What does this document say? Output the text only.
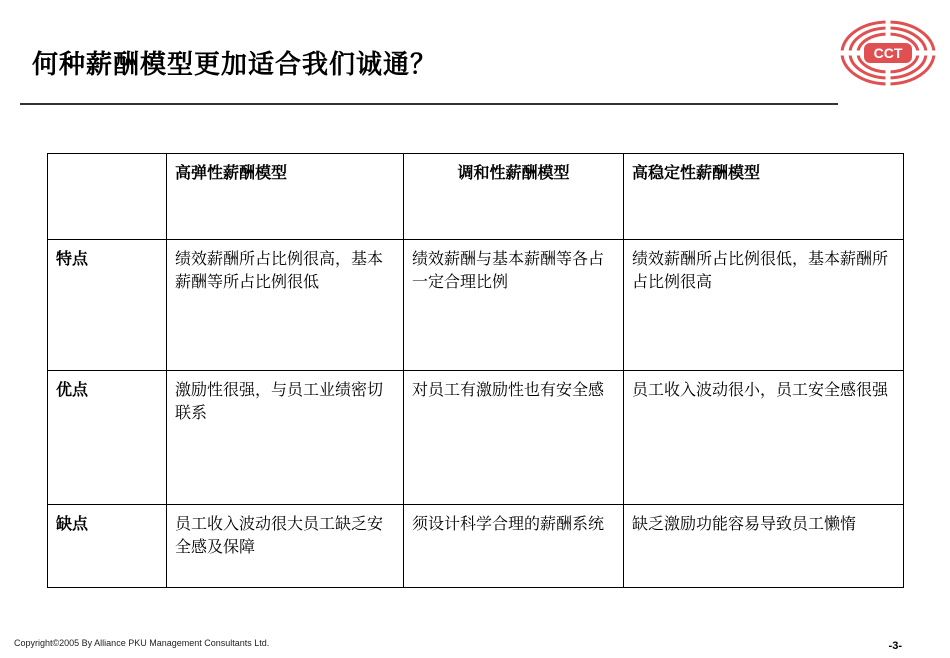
何种薪酬模型更加适合我们诚通？	CCT
	高弹性薪酬模型	调和性薪酬模型	高稳定性薪酬模型
特点	绩效薪酬所占比例很高，基本薪酬等所占比例很低	绩效薪酬与基本薪酬等各占一定合理比例	绩效薪酬所占比例很低，基本薪酬所占比例很高
优点	激励性很强，与员工业绩密切联系	对员工有激励性也有安全感	员工收入波动很小，员工安全感很强
缺点	员工收入波动很大员工缺乏安全感及保障	须设计科学合理的薪酬系统	缺乏激励功能容易导致员工懒惰
Copyright©2005 By Alliance PKU Management Consultants Ltd.	-3-
